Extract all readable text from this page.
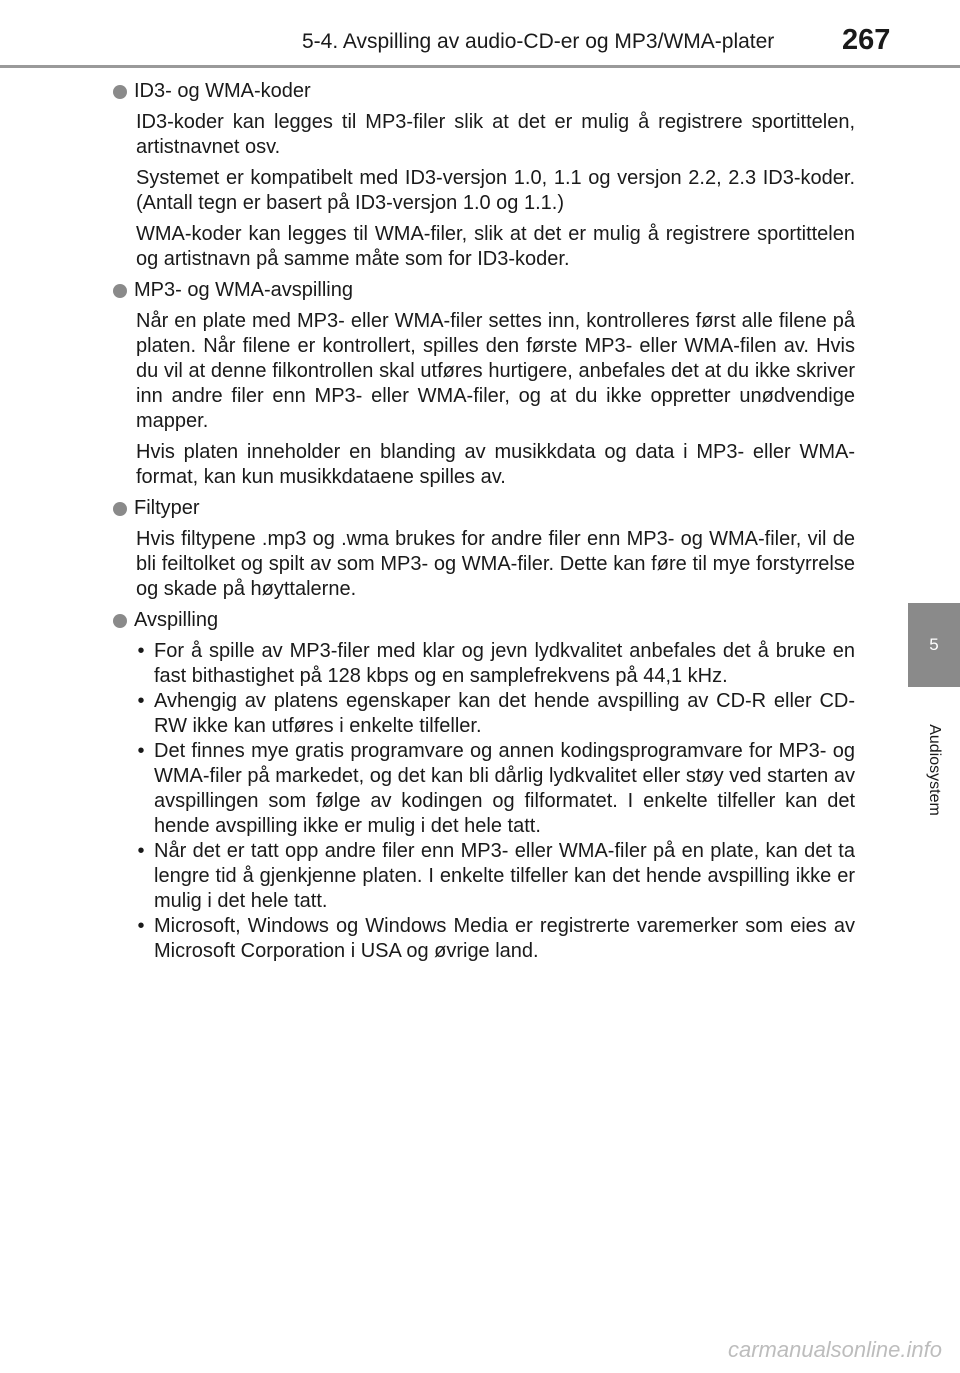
5-4. Avspilling av audio-CD-er og MP3/WMA-plater 267
5
Audiosystem
ID3- og WMA-koder

ID3-koder kan legges til MP3-filer slik at det er mulig å registrere sportittelen, artistnavnet osv.

Systemet er kompatibelt med ID3-versjon 1.0, 1.1 og versjon 2.2, 2.3 ID3-koder. (Antall tegn er basert på ID3-versjon 1.0 og 1.1.)

WMA-koder kan legges til WMA-filer, slik at det er mulig å registrere sportittelen og artistnavn på samme måte som for ID3-koder.

MP3- og WMA-avspilling

Når en plate med MP3- eller WMA-filer settes inn, kontrolleres først alle filene på platen. Når filene er kontrollert, spilles den første MP3- eller WMA-filen av. Hvis du vil at denne filkontrollen skal utføres hurtigere, anbefales det at du ikke skriver inn andre filer enn MP3- eller WMA-filer, og at du ikke oppretter unødvendige mapper.

Hvis platen inneholder en blanding av musikkdata og data i MP3- eller WMA-format, kan kun musikkdataene spilles av.

Filtyper

Hvis filtypene .mp3 og .wma brukes for andre filer enn MP3- og WMA-filer, vil de bli feiltolket og spilt av som MP3- og WMA-filer. Dette kan føre til mye forstyrrelse og skade på høyttalerne.

Avspilling
• For å spille av MP3-filer med klar og jevn lydkvalitet anbefales det å bruke en fast bithastighet på 128 kbps og en samplefrekvens på 44,1 kHz.
• Avhengig av platens egenskaper kan det hende avspilling av CD-R eller CD-RW ikke kan utføres i enkelte tilfeller.
• Det finnes mye gratis programvare og annen kodingsprogramvare for MP3- og WMA-filer på markedet, og det kan bli dårlig lydkvalitet eller støy ved starten av avspillingen som følge av kodingen og filformatet. I enkelte tilfeller kan det hende avspilling ikke er mulig i det hele tatt.
• Når det er tatt opp andre filer enn MP3- eller WMA-filer på en plate, kan det ta lengre tid å gjenkjenne platen. I enkelte tilfeller kan det hende avspilling ikke er mulig i det hele tatt.
• Microsoft, Windows og Windows Media er registrerte varemerker som eies av Microsoft Corporation i USA og øvrige land.
carmanualsonline.info
